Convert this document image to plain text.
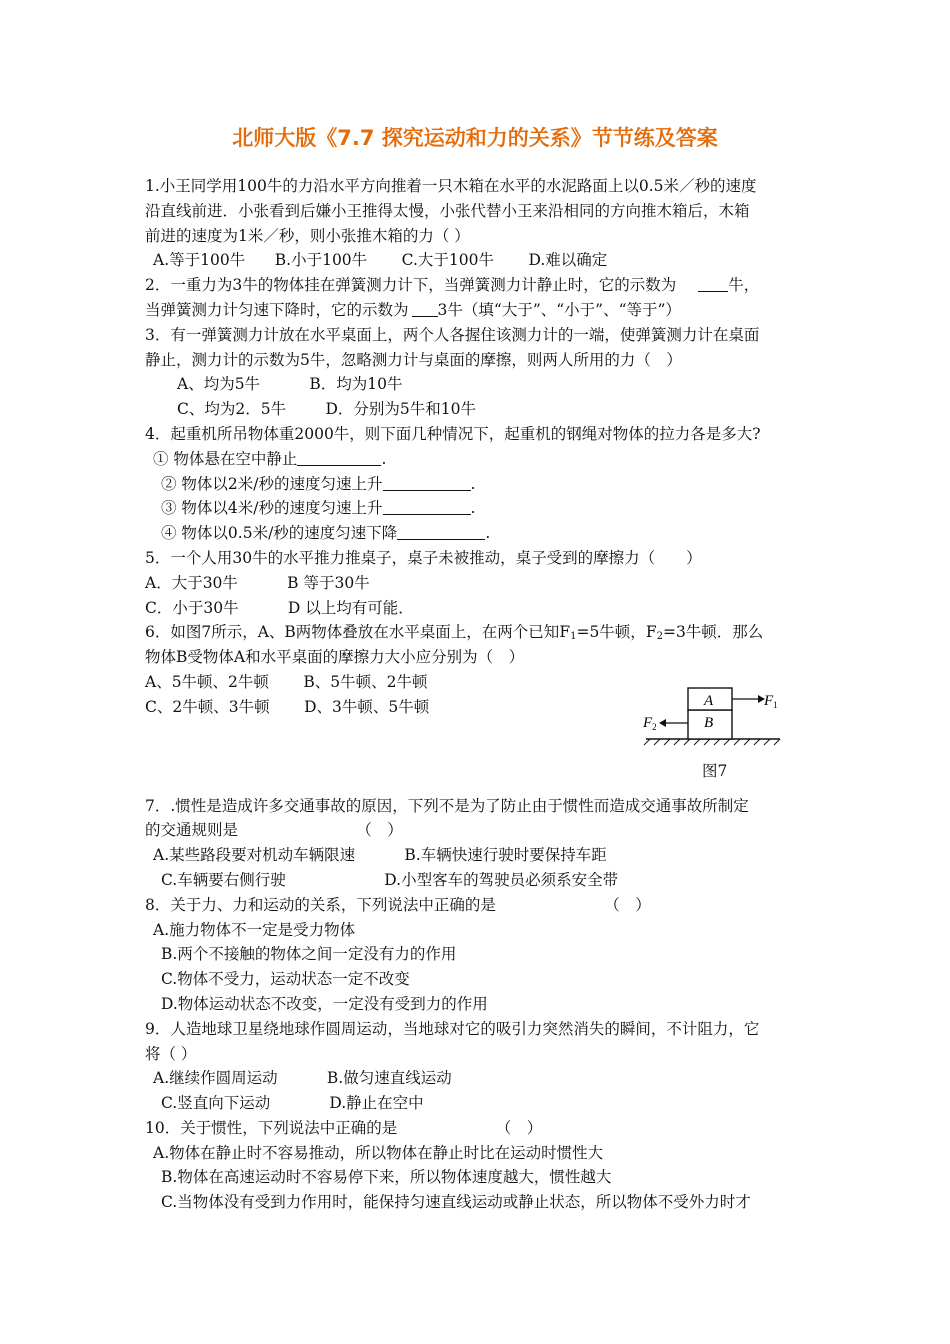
北师大版《7.7 探究运动和力的关系》节节练及答案
1.小王同学用100牛的力沿水平方向推着一只木箱在水平的水泥路面上以0.5米／秒的速度
沿直线前进．小张看到后嫌小王推得太慢，小张代替小王来沿相同的方向推木箱后，木箱
前进的速度为1米／秒，则小张推木箱的力（ ）
A.等于100牛      B.小于100牛       C.大于100牛       D.难以确定
2．一重力为3牛的物体挂在弹簧测力计下，当弹簧测力计静止时，它的示数为	牛，
当弹簧测力计匀速下降时，它的示数为 3牛（填“大于”、“小于”、“等于”）
3．有一弹簧测力计放在水平桌面上，两个人各握住该测力计的一端，使弹簧测力计在桌面
静止，测力计的示数为5牛，忽略测力计与桌面的摩擦，则两人所用的力（　）
A、均为5牛          B．均为10牛
C、均为2．5牛        D．分别为5牛和10牛
4．起重机所吊物体重2000牛，则下面几种情况下，起重机的钢绳对物体的拉力各是多大?
① 物体悬在空中静止	.
② 物体以2米/秒的速度匀速上升	.
③ 物体以4米/秒的速度匀速上升	.
④ 物体以0.5米/秒的速度匀速下降	.
5．一个人用30牛的水平推力推桌子，桌子未被推动，桌子受到的摩擦力（　　）
A．大于30牛          B 等于30牛
C．小于30牛          D 以上均有可能．
6．如图7所示，A、B两物体叠放在水平桌面上，在两个已知$F_1=5$牛顿，$F_2=3$牛顿．那么
物体B受物体A和水平桌面的摩擦力大小应分别为（　）
A、5牛顿、2牛顿       B、5牛顿、2牛顿
C、2牛顿、3牛顿       D、3牛顿、5牛顿
7．.惯性是造成许多交通事故的原因，下列不是为了防止由于惯性而造成交通事故所制定
的交通规则是                        （　）
A.某些路段要对机动车辆限速          B.车辆快速行驶时要保持车距
C.车辆要右侧行驶                    D.小型客车的驾驶员必须系安全带
8．关于力、力和运动的关系，下列说法中正确的是                      （　）
A.施力物体不一定是受力物体
B.两个不接触的物体之间一定没有力的作用
C.物体不受力，运动状态一定不改变
D.物体运动状态不改变，一定没有受到力的作用
9．人造地球卫星绕地球作圆周运动，当地球对它的吸引力突然消失的瞬间，不计阻力，它
将（ ）
A.继续作圆周运动          B.做匀速直线运动
C.竖直向下运动            D.静止在空中
10．关于惯性，下列说法中正确的是                    （　）
A.物体在静止时不容易推动，所以物体在静止时比在运动时惯性大
B.物体在高速运动时不容易停下来，所以物体速度越大，惯性越大
C.当物体没有受到力作用时，能保持匀速直线运动或静止状态，所以物体不受外力时才
A
B
$F_1$
$F_2$
图7
